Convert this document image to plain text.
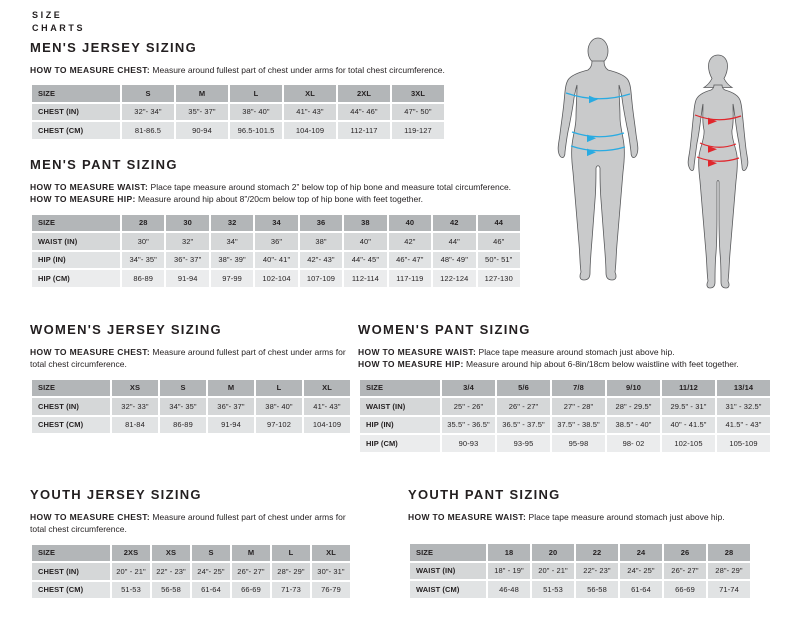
SIZE
CHARTS
MEN'S JERSEY SIZING

HOW TO MEASURE CHEST: Measure around fullest part of chest under arms for total chest circumference.

SIZE	S	M	L	XL	2XL	3XL
CHEST (IN)	32"- 34"	35"- 37"	38"- 40"	41"- 43"	44"- 46"	47"- 50"
CHEST (CM)	81-86.5	90-94	96.5-101.5	104-109	112-117	119-127
MEN'S PANT SIZING

HOW TO MEASURE WAIST: Place tape measure around stomach 2” below top of hip bone and measure total circumference.

HOW TO MEASURE HIP: Measure around hip about 8”/20cm below top of hip bone with feet together.

SIZE	28	30	32	34	36	38	40	42	44
WAIST (IN)	30"	32"	34"	36"	38"	40"	42"	44"	46"
HIP (IN)	34"- 35"	36"- 37"	38"- 39"	40"- 41"	42"- 43"	44"- 45"	46"- 47"	48"- 49"	50"- 51"
HIP (CM)	86-89	91-94	97-99	102-104	107-109	112-114	117-119	122-124	127-130
WOMEN'S JERSEY SIZING

HOW TO MEASURE CHEST: Measure around fullest part of chest under arms for total chest circumference.

SIZE	XS	S	M	L	XL
CHEST (IN)	32"- 33"	34"- 35"	36"- 37"	38"- 40"	41"- 43"
CHEST (CM)	81-84	86-89	91-94	97-102	104-109
WOMEN'S PANT SIZING

HOW TO MEASURE WAIST: Place tape measure around stomach just above hip.

HOW TO MEASURE HIP: Measure around hip about 6-8in/18cm below waistline with feet together.

SIZE	3/4	5/6	7/8	9/10	11/12	13/14
WAIST (IN)	25" - 26"	26" - 27"	27" - 28"	28" - 29.5"	29.5" - 31"	31" - 32.5"
HIP (IN)	35.5" - 36.5"	36.5" - 37.5"	37.5" - 38.5"	38.5" - 40"	40" - 41.5"	41.5" - 43"
HIP (CM)	90-93	93-95	95-98	98- 02	102-105	105-109
YOUTH JERSEY SIZING

HOW TO MEASURE CHEST: Measure around fullest part of chest under arms for total chest circumference.

SIZE	2XS	XS	S	M	L	XL
CHEST (IN)	20" - 21"	22" - 23"	24"- 25"	26"- 27"	28"- 29"	30"- 31"
CHEST (CM)	51-53	56-58	61-64	66-69	71-73	76-79
YOUTH PANT SIZING

HOW TO MEASURE WAIST: Place tape measure around stomach just above hip.

SIZE	18	20	22	24	26	28
WAIST (IN)	18" - 19"	20" - 21"	22"- 23"	24"- 25"	26"- 27"	28"- 29"
WAIST (CM)	46-48	51-53	56-58	61-64	66-69	71-74
